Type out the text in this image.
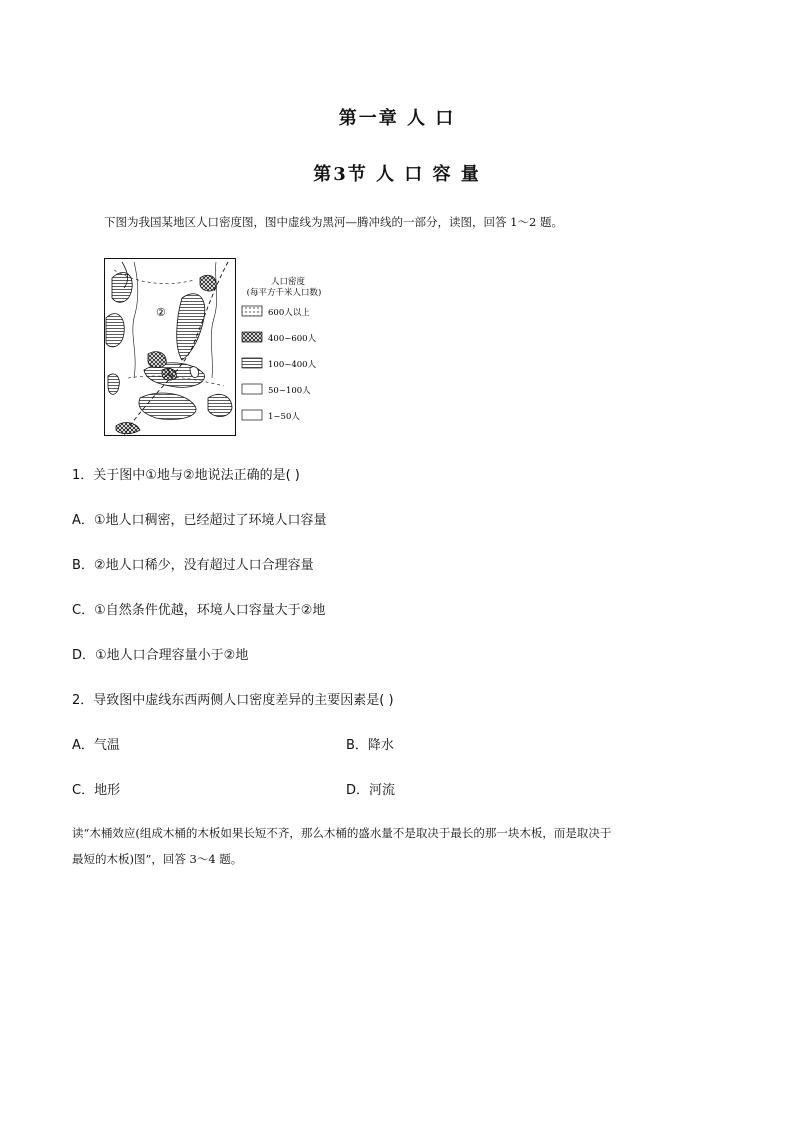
第一章 人 口
第3节 人 口 容 量
下图为我国某地区人口密度图，图中虚线为黑河—腾冲线的一部分，读图，回答 1～2 题。
②
①
人口密度
(每平方千米人口数)
600人以上
400~600人
100~400人
50~100人
1~50人
1．关于图中①地与②地说法正确的是( )
A．①地人口稠密，已经超过了环境人口容量
B．②地人口稀少，没有超过人口合理容量
C．①自然条件优越，环境人口容量大于②地
D．①地人口合理容量小于②地
2．导致图中虚线东西两侧人口密度差异的主要因素是( )
A．气温	B．降水
C．地形	D．河流
读“木桶效应(组成木桶的木板如果长短不齐，那么木桶的盛水量不是取决于最长的那一块木板，而是取决于
最短的木板)图”，回答 3～4 题。
